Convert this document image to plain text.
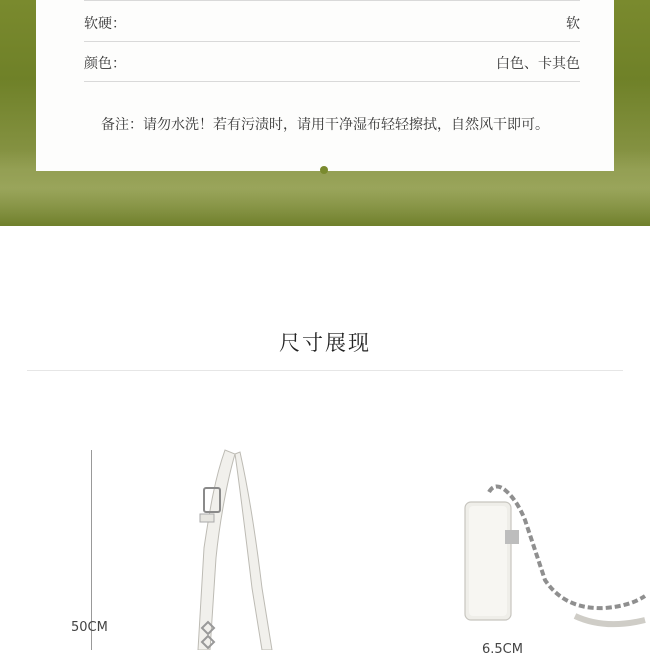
软硬：	软
颜色：	白色、卡其色
备注：请勿水洗！若有污渍时，请用干净湿布轻轻擦拭，自然风干即可。
尺寸展现
50CM
6.5CM
